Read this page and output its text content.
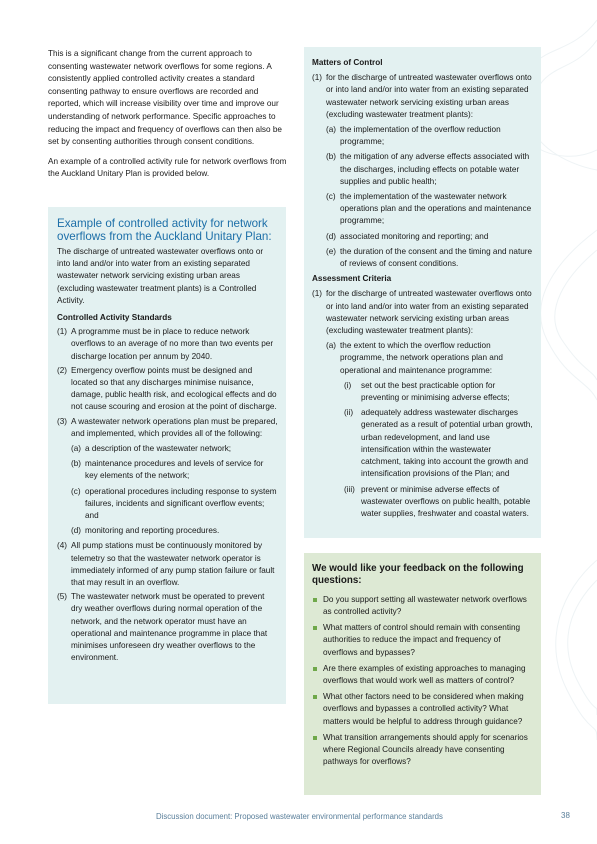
This is a significant change from the current approach to consenting wastewater network overflows for some regions. A consistently applied controlled activity creates a standard consenting pathway to ensure overflows are recorded and reported, which will increase visibility over time and improve our understanding of network performance. Specific approaches to reducing the impact and frequency of overflows can then also be set by consenting authorities through consent conditions.

An example of a controlled activity rule for network overflows from the Auckland Unitary Plan is provided below.

Example of controlled activity for network overflows from the Auckland Unitary Plan:

The discharge of untreated wastewater overflows onto or into land and/or into water from an existing separated wastewater network servicing existing urban areas (excluding wastewater treatment plants) is a Controlled Activity.

Controlled Activity Standards

(1) A programme must be in place to reduce network overflows to an average of no more than two events per discharge location per annum by 2040.
(2) Emergency overflow points must be designed and located so that any discharges minimise nuisance, damage, public health risk, and ecological effects and do not cause scouring and erosion at the point of discharge.
(3) A wastewater network operations plan must be prepared, and implemented, which provides all of the following:
(a) a description of the wastewater network;
(b) maintenance procedures and levels of service for key elements of the network;
(c) operational procedures including response to system failures, incidents and significant overflow events; and
(d) monitoring and reporting procedures.
(4) All pump stations must be continuously monitored by telemetry so that the wastewater network operator is immediately informed of any pump station failure or fault that may result in an overflow.
(5) The wastewater network must be operated to prevent dry weather overflows during normal operation of the network, and the network operator must have an operational and maintenance programme in place that minimises unforeseen dry weather overflows to the environment.

Matters of Control

(1) for the discharge of untreated wastewater overflows onto or into land and/or into water from an existing separated wastewater network servicing existing urban areas (excluding wastewater treatment plants):
(a) the implementation of the overflow reduction programme;
(b) the mitigation of any adverse effects associated with the discharges, including effects on potable water supplies and public health;
(c) the implementation of the wastewater network operations plan and the operations and maintenance programme;
(d) associated monitoring and reporting; and
(e) the duration of the consent and the timing and nature of reviews of consent conditions.

Assessment Criteria

(1) for the discharge of untreated wastewater overflows onto or into land and/or into water from an existing separated wastewater network servicing existing urban areas (excluding wastewater treatment plants):
(a) the extent to which the overflow reduction programme, the network operations plan and operational and maintenance programme:
(i) set out the best practicable option for preventing or minimising adverse effects;
(ii) adequately address wastewater discharges generated as a result of potential urban growth, urban redevelopment, and land use intensification within the wastewater catchment, taking into account the growth and intensification provisions of the Plan; and
(iii) prevent or minimise adverse effects of wastewater overflows on public health, potable water supplies, freshwater and coastal waters.
We would like your feedback on the following questions:
Do you support setting all wastewater network overflows as controlled activity?
What matters of control should remain with consenting authorities to reduce the impact and frequency of overflows and bypasses?
Are there examples of existing approaches to managing overflows that would work well as matters of control?
What other factors need to be considered when making overflows and bypasses a controlled activity? What matters would be helpful to address through guidance?
What transition arrangements should apply for scenarios where Regional Councils already have consenting pathways for overflows?
Discussion document: Proposed wastewater environmental performance standards	38
